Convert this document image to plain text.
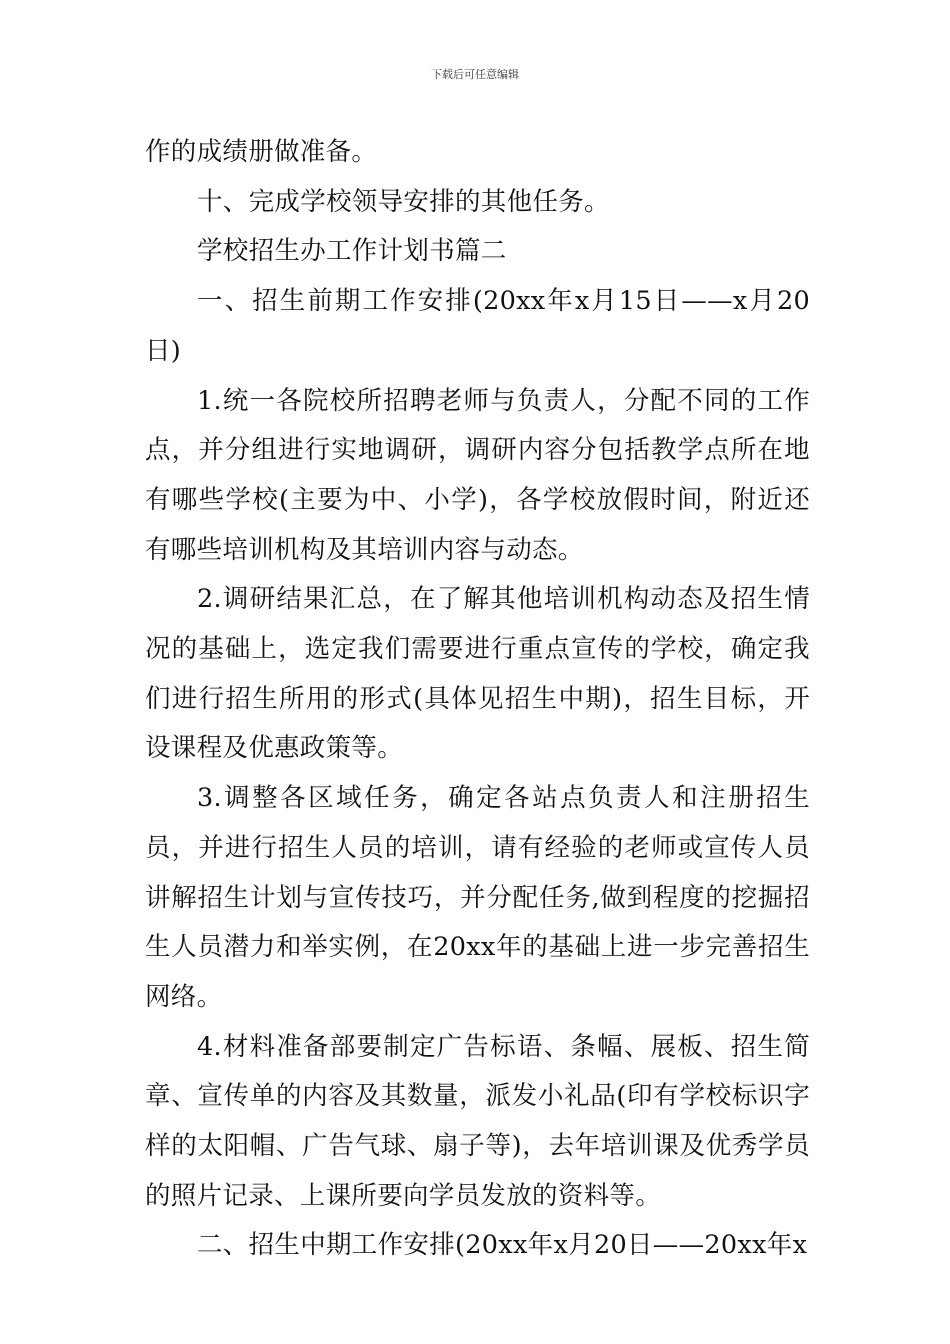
下载后可任意编辑

作的成绩册做准备。

十、完成学校领导安排的其他任务。

学校招生办工作计划书篇二

一、招生前期工作安排(20xx年x月15日——x月20日)

1.统一各院校所招聘老师与负责人，分配不同的工作点，并分组进行实地调研，调研内容分包括教学点所在地有哪些学校(主要为中、小学)，各学校放假时间，附近还有哪些培训机构及其培训内容与动态。

2.调研结果汇总，在了解其他培训机构动态及招生情况的基础上，选定我们需要进行重点宣传的学校，确定我们进行招生所用的形式(具体见招生中期)，招生目标，开设课程及优惠政策等。

3.调整各区域任务，确定各站点负责人和注册招生员，并进行招生人员的培训，请有经验的老师或宣传人员讲解招生计划与宣传技巧，并分配任务,做到程度的挖掘招生人员潜力和举实例，在20xx年的基础上进一步完善招生网络。

4.材料准备部要制定广告标语、条幅、展板、招生简章、宣传单的内容及其数量，派发小礼品(印有学校标识字样的太阳帽、广告气球、扇子等)，去年培训课及优秀学员的照片记录、上课所要向学员发放的资料等。

二、招生中期工作安排(20xx年x月20日——20xx年x
